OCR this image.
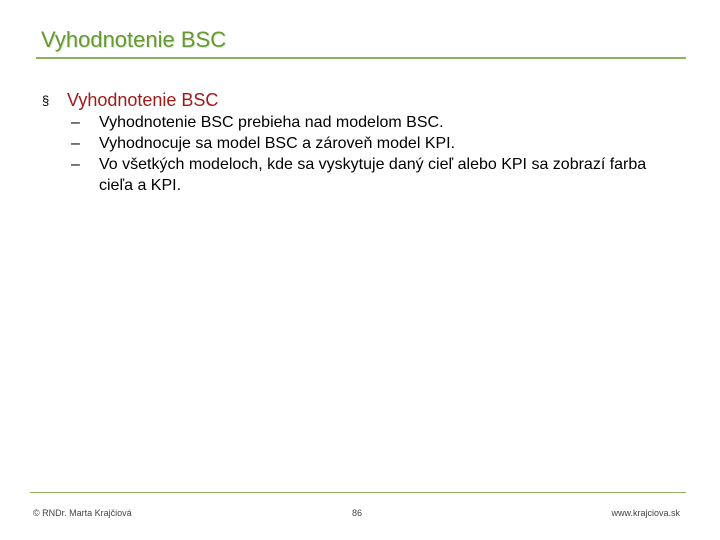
Vyhodnotenie BSC
§ Vyhodnotenie BSC
–	Vyhodnotenie BSC prebieha nad modelom BSC.
–	Vyhodnocuje sa model BSC a zároveň model KPI.
–	Vo všetkých modeloch, kde sa vyskytuje daný cieľ alebo KPI sa zobrazí farba cieľa a KPI.
© RNDr. Marta Krajčiová	86	www.krajciova.sk
